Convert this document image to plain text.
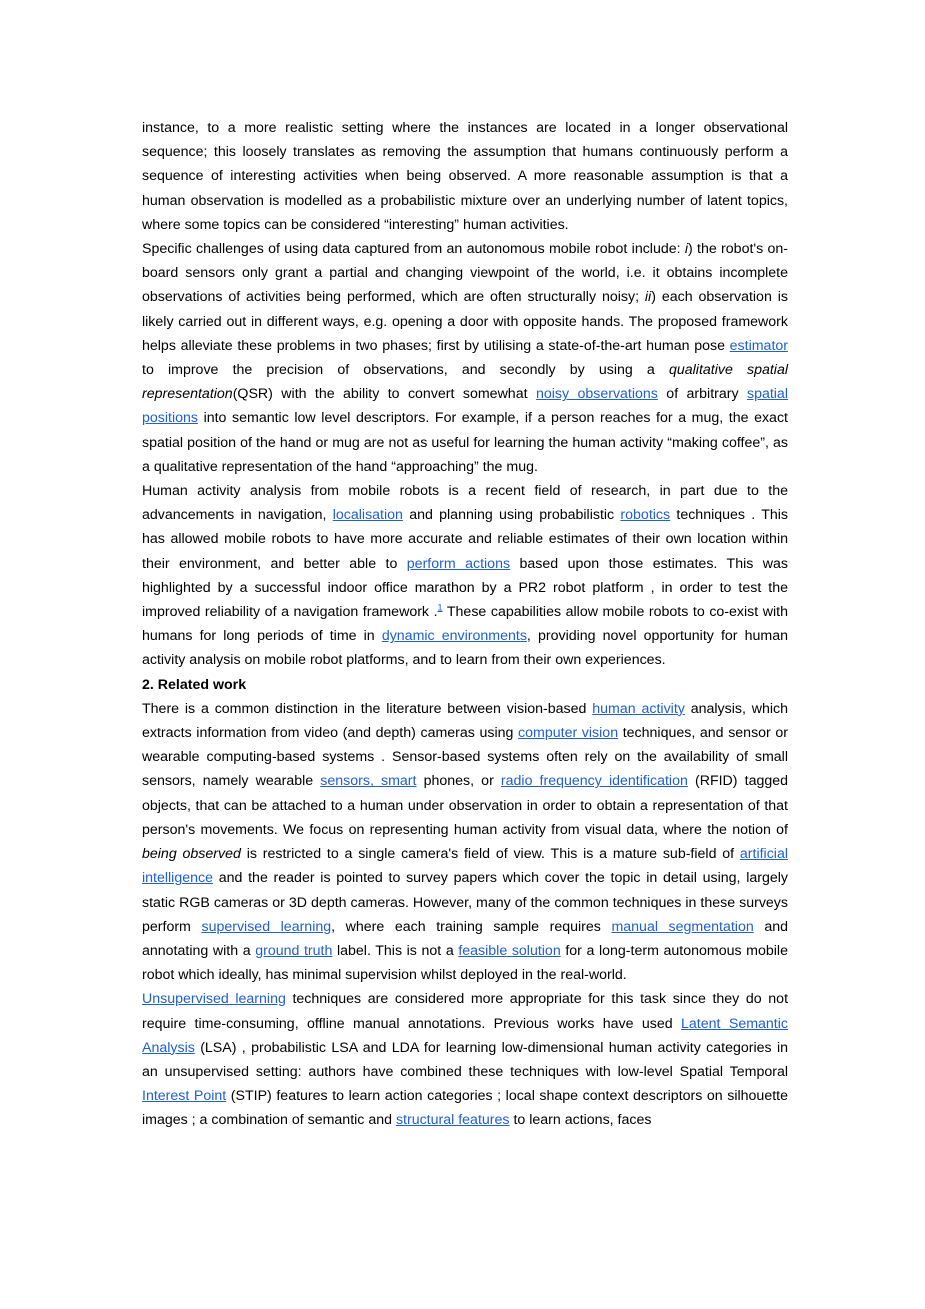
instance, to a more realistic setting where the instances are located in a longer observational sequence; this loosely translates as removing the assumption that humans continuously perform a sequence of interesting activities when being observed. A more reasonable assumption is that a human observation is modelled as a probabilistic mixture over an underlying number of latent topics, where some topics can be considered “interesting” human activities.

Specific challenges of using data captured from an autonomous mobile robot include: i) the robot's on-board sensors only grant a partial and changing viewpoint of the world, i.e. it obtains incomplete observations of activities being performed, which are often structurally noisy; ii) each observation is likely carried out in different ways, e.g. opening a door with opposite hands. The proposed framework helps alleviate these problems in two phases; first by utilising a state-of-the-art human pose estimator to improve the precision of observations, and secondly by using a qualitative spatial representation(QSR) with the ability to convert somewhat noisy observations of arbitrary spatial positions into semantic low level descriptors. For example, if a person reaches for a mug, the exact spatial position of the hand or mug are not as useful for learning the human activity “making coffee”, as a qualitative representation of the hand “approaching” the mug.

Human activity analysis from mobile robots is a recent field of research, in part due to the advancements in navigation, localisation and planning using probabilistic robotics techniques . This has allowed mobile robots to have more accurate and reliable estimates of their own location within their environment, and better able to perform actions based upon those estimates. This was highlighted by a successful indoor office marathon by a PR2 robot platform , in order to test the improved reliability of a navigation framework .$^1$ These capabilities allow mobile robots to co-exist with humans for long periods of time in dynamic environments, providing novel opportunity for human activity analysis on mobile robot platforms, and to learn from their own experiences.

2. Related work

There is a common distinction in the literature between vision-based human activity analysis, which extracts information from video (and depth) cameras using computer vision techniques, and sensor or wearable computing-based systems . Sensor-based systems often rely on the availability of small sensors, namely wearable sensors, smart phones, or radio frequency identification (RFID) tagged objects, that can be attached to a human under observation in order to obtain a representation of that person's movements. We focus on representing human activity from visual data, where the notion of being observed is restricted to a single camera's field of view. This is a mature sub-field of artificial intelligence and the reader is pointed to survey papers which cover the topic in detail using, largely static RGB cameras or 3D depth cameras. However, many of the common techniques in these surveys perform supervised learning, where each training sample requires manual segmentation and annotating with a ground truth label. This is not a feasible solution for a long-term autonomous mobile robot which ideally, has minimal supervision whilst deployed in the real-world.

Unsupervised learning techniques are considered more appropriate for this task since they do not require time-consuming, offline manual annotations. Previous works have used Latent Semantic Analysis (LSA) , probabilistic LSA and LDA for learning low-dimensional human activity categories in an unsupervised setting: authors have combined these techniques with low-level Spatial Temporal Interest Point (STIP) features to learn action categories ; local shape context descriptors on silhouette images ; a combination of semantic and structural features to learn actions, faces
